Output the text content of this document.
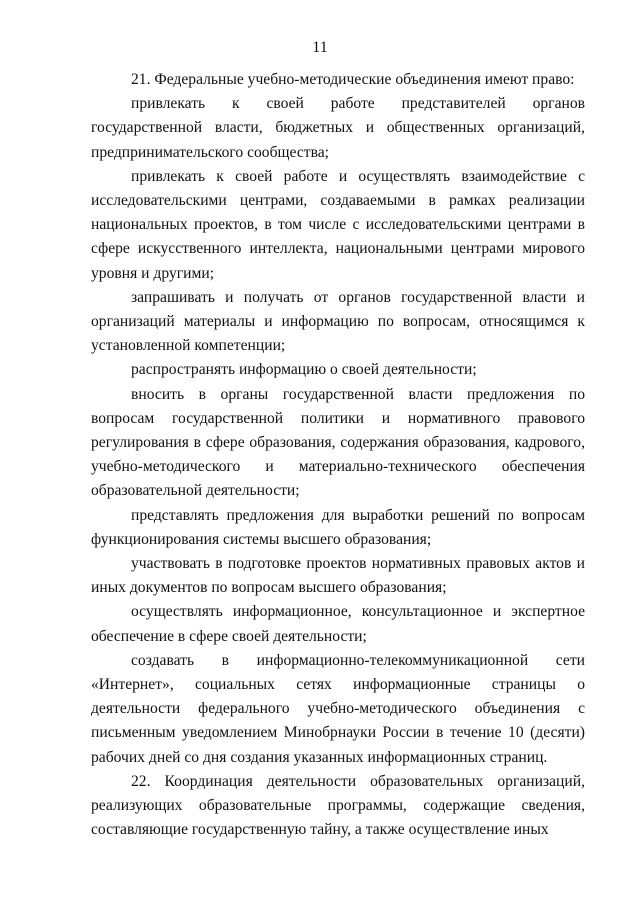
11

21. Федеральные учебно-методические объединения имеют право:

привлекать к своей работе представителей органов государственной власти, бюджетных и общественных организаций, предпринимательского сообщества;

привлекать к своей работе и осуществлять взаимодействие с исследовательскими центрами, создаваемыми в рамках реализации национальных проектов, в том числе с исследовательскими центрами в сфере искусственного интеллекта, национальными центрами мирового уровня и другими;

запрашивать и получать от органов государственной власти и организаций материалы и информацию по вопросам, относящимся к установленной компетенции;

распространять информацию о своей деятельности;

вносить в органы государственной власти предложения по вопросам государственной политики и нормативного правового регулирования в сфере образования, содержания образования, кадрового, учебно-методического и материально-технического обеспечения образовательной деятельности;

представлять предложения для выработки решений по вопросам функционирования системы высшего образования;

участвовать в подготовке проектов нормативных правовых актов и иных документов по вопросам высшего образования;

осуществлять информационное, консультационное и экспертное обеспечение в сфере своей деятельности;

создавать в информационно-телекоммуникационной сети «Интернет», социальных сетях информационные страницы о деятельности федерального учебно-методического объединения с письменным уведомлением Минобрнауки России в течение 10 (десяти) рабочих дней со дня создания указанных информационных страниц.

22. Координация деятельности образовательных организаций, реализующих образовательные программы, содержащие сведения, составляющие государственную тайну, а также осуществление иных
